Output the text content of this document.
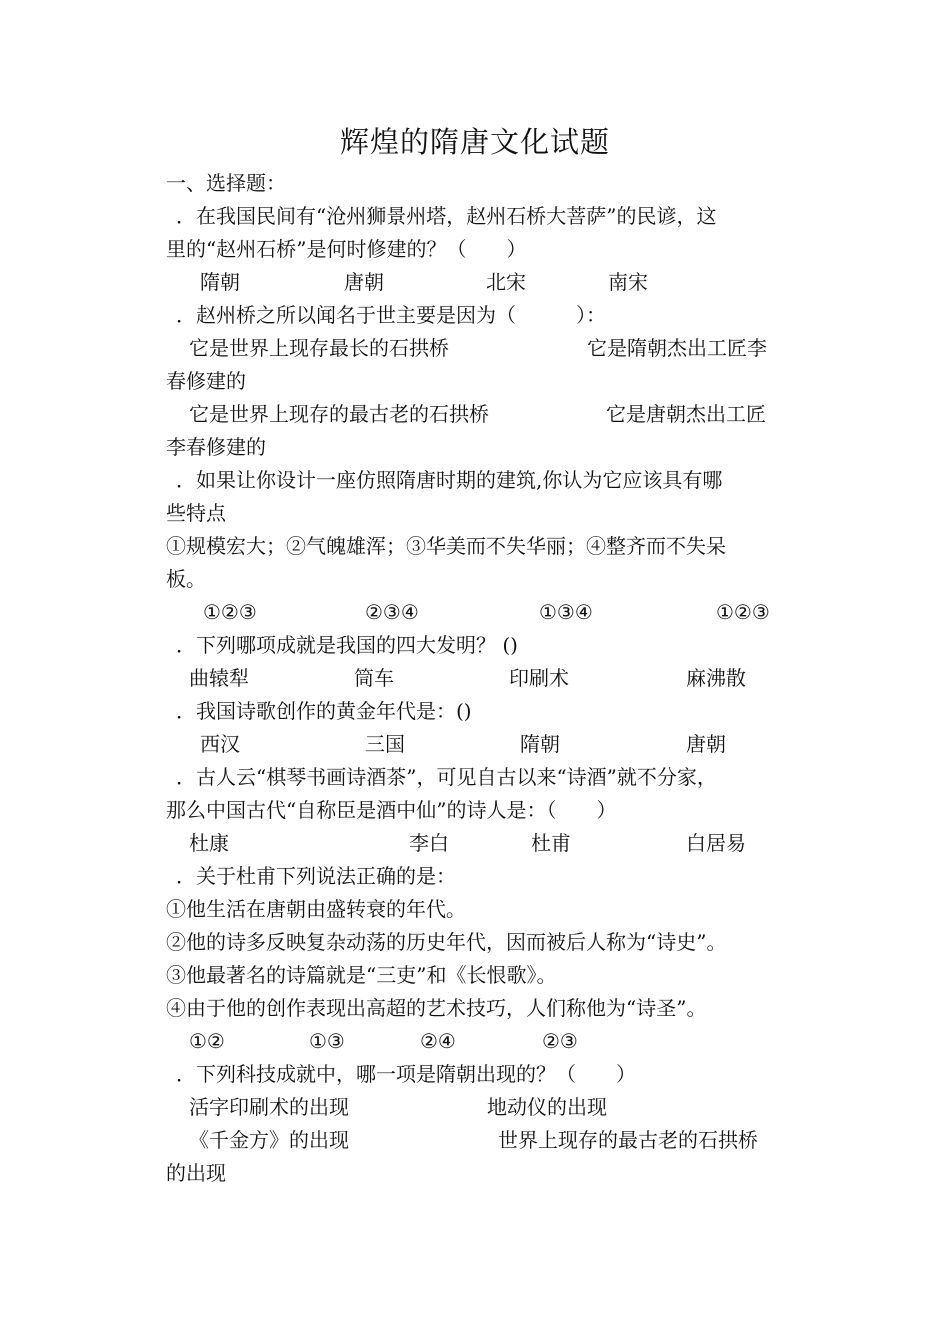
辉煌的隋唐文化试题
一、选择题：
．在我国民间有“沧州狮景州塔，赵州石桥大菩萨”的民谚，这
里的“赵州石桥”是何时修建的？（　　）
隋朝	唐朝	北宋	南宋
．赵州桥之所以闻名于世主要是因为（　　　）：
它是世界上现存最长的石拱桥	它是隋朝杰出工匠李
春修建的
它是世界上现存的最古老的石拱桥	它是唐朝杰出工匠
李春修建的
．如果让你设计一座仿照隋唐时期的建筑,你认为它应该具有哪
些特点
①规模宏大；②气魄雄浑；③华美而不失华丽；④整齐而不失呆
板。
①②③	②③④	①③④	①②③
．下列哪项成就是我国的四大发明？ ()
曲辕犁	筒车	印刷术	麻沸散
．我国诗歌创作的黄金年代是：()
西汉	三国	隋朝	唐朝
．古人云“棋琴书画诗酒茶”，可见自古以来“诗酒”就不分家，
那么中国古代“自称臣是酒中仙”的诗人是：（　　）
杜康	李白	杜甫	白居易
．关于杜甫下列说法正确的是：
①他生活在唐朝由盛转衰的年代。
②他的诗多反映复杂动荡的历史年代，因而被后人称为“诗史”。
③他最著名的诗篇就是“三吏”和《长恨歌》。
④由于他的创作表现出高超的艺术技巧，人们称他为“诗圣”。
①②	①③	②④	②③
．下列科技成就中，哪一项是隋朝出现的？（　　）
活字印刷术的出现	地动仪的出现
《千金方》的出现	世界上现存的最古老的石拱桥
的出现
